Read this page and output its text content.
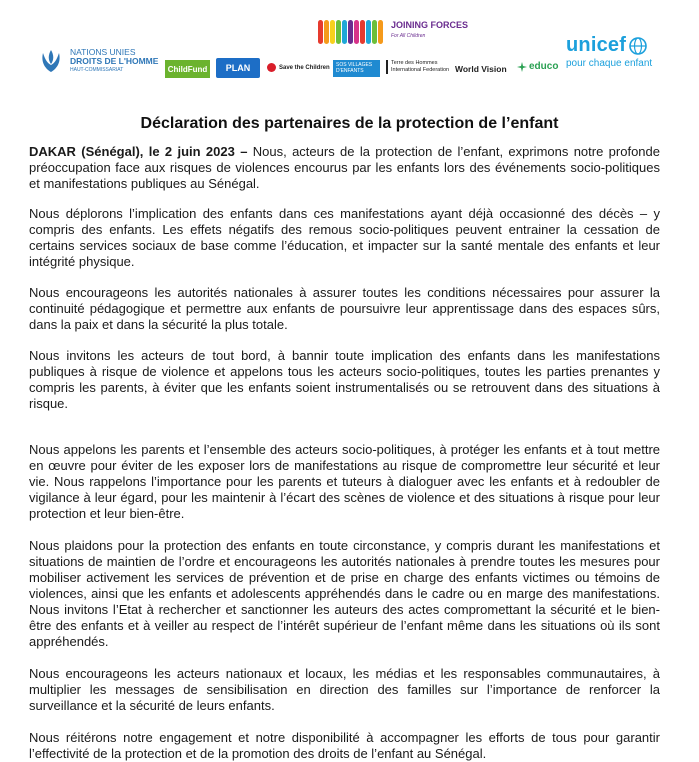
JOINING FORCES
For All Children
NATIONS UNIES
DROITS DE L'HOMME
HAUT-COMMISSARIAT	ChildFund	PLAN	Save the Children	SOS VILLAGES D'ENFANTS
Terre des Hommes
International Federation World Vision educo
unicef
pour chaque enfant
Déclaration des partenaires de la protection de l’enfant

DAKAR (Sénégal), le 2 juin 2023 – Nous, acteurs de la protection de l’enfant, exprimons notre profonde préoccupation face aux risques de violences encourus par les enfants lors des événements socio-politiques et manifestations publiques au Sénégal.

Nous déplorons l’implication des enfants dans ces manifestations ayant déjà occasionné des décès – y compris des enfants. Les effets négatifs des remous socio-politiques peuvent entrainer la cessation de certains services sociaux de base comme l’éducation, et impacter sur la santé mentale des enfants et leur intégrité physique.

Nous encourageons les autorités nationales à assurer toutes les conditions nécessaires pour assurer la continuité pédagogique et permettre aux enfants de poursuivre leur apprentissage dans des espaces sûrs, dans la paix et dans la sécurité la plus totale.

Nous invitons les acteurs de tout bord, à bannir toute implication des enfants dans les manifestations publiques à risque de violence et appelons tous les acteurs socio-politiques, toutes les parties prenantes y compris les parents, à éviter que les enfants soient instrumentalisés ou se retrouvent dans des situations à risque.

Nous appelons les parents et l’ensemble des acteurs socio-politiques, à protéger les enfants et à tout mettre en œuvre pour éviter de les exposer lors de manifestations au risque de compromettre leur sécurité et leur vie. Nous rappelons l’importance pour les parents et tuteurs à dialoguer avec les enfants et à redoubler de vigilance à leur égard, pour les maintenir à l’écart des scènes de violence et des situations à risque pour leur protection et leur bien-être.

Nous plaidons pour la protection des enfants en toute circonstance, y compris durant les manifestations et situations de maintien de l’ordre et encourageons les autorités nationales à prendre toutes les mesures pour mobiliser activement les services de prévention et de prise en charge des enfants victimes ou témoins de violences, ainsi que les enfants et adolescents appréhendés dans le cadre ou en marge des manifestations. Nous invitons l’Etat à rechercher et sanctionner les auteurs des actes compromettant la sécurité et le bien-être des enfants et à veiller au respect de l’intérêt supérieur de l’enfant même dans les situations où ils sont appréhendés.

Nous encourageons les acteurs nationaux et locaux, les médias et les responsables communautaires, à multiplier les messages de sensibilisation en direction des familles sur l’importance de renforcer la surveillance et la sécurité de leurs enfants.

Nous réitérons notre engagement et notre disponibilité à accompagner les efforts de tous pour garantir l’effectivité de la protection et de la promotion des droits de l’enfant au Sénégal.
